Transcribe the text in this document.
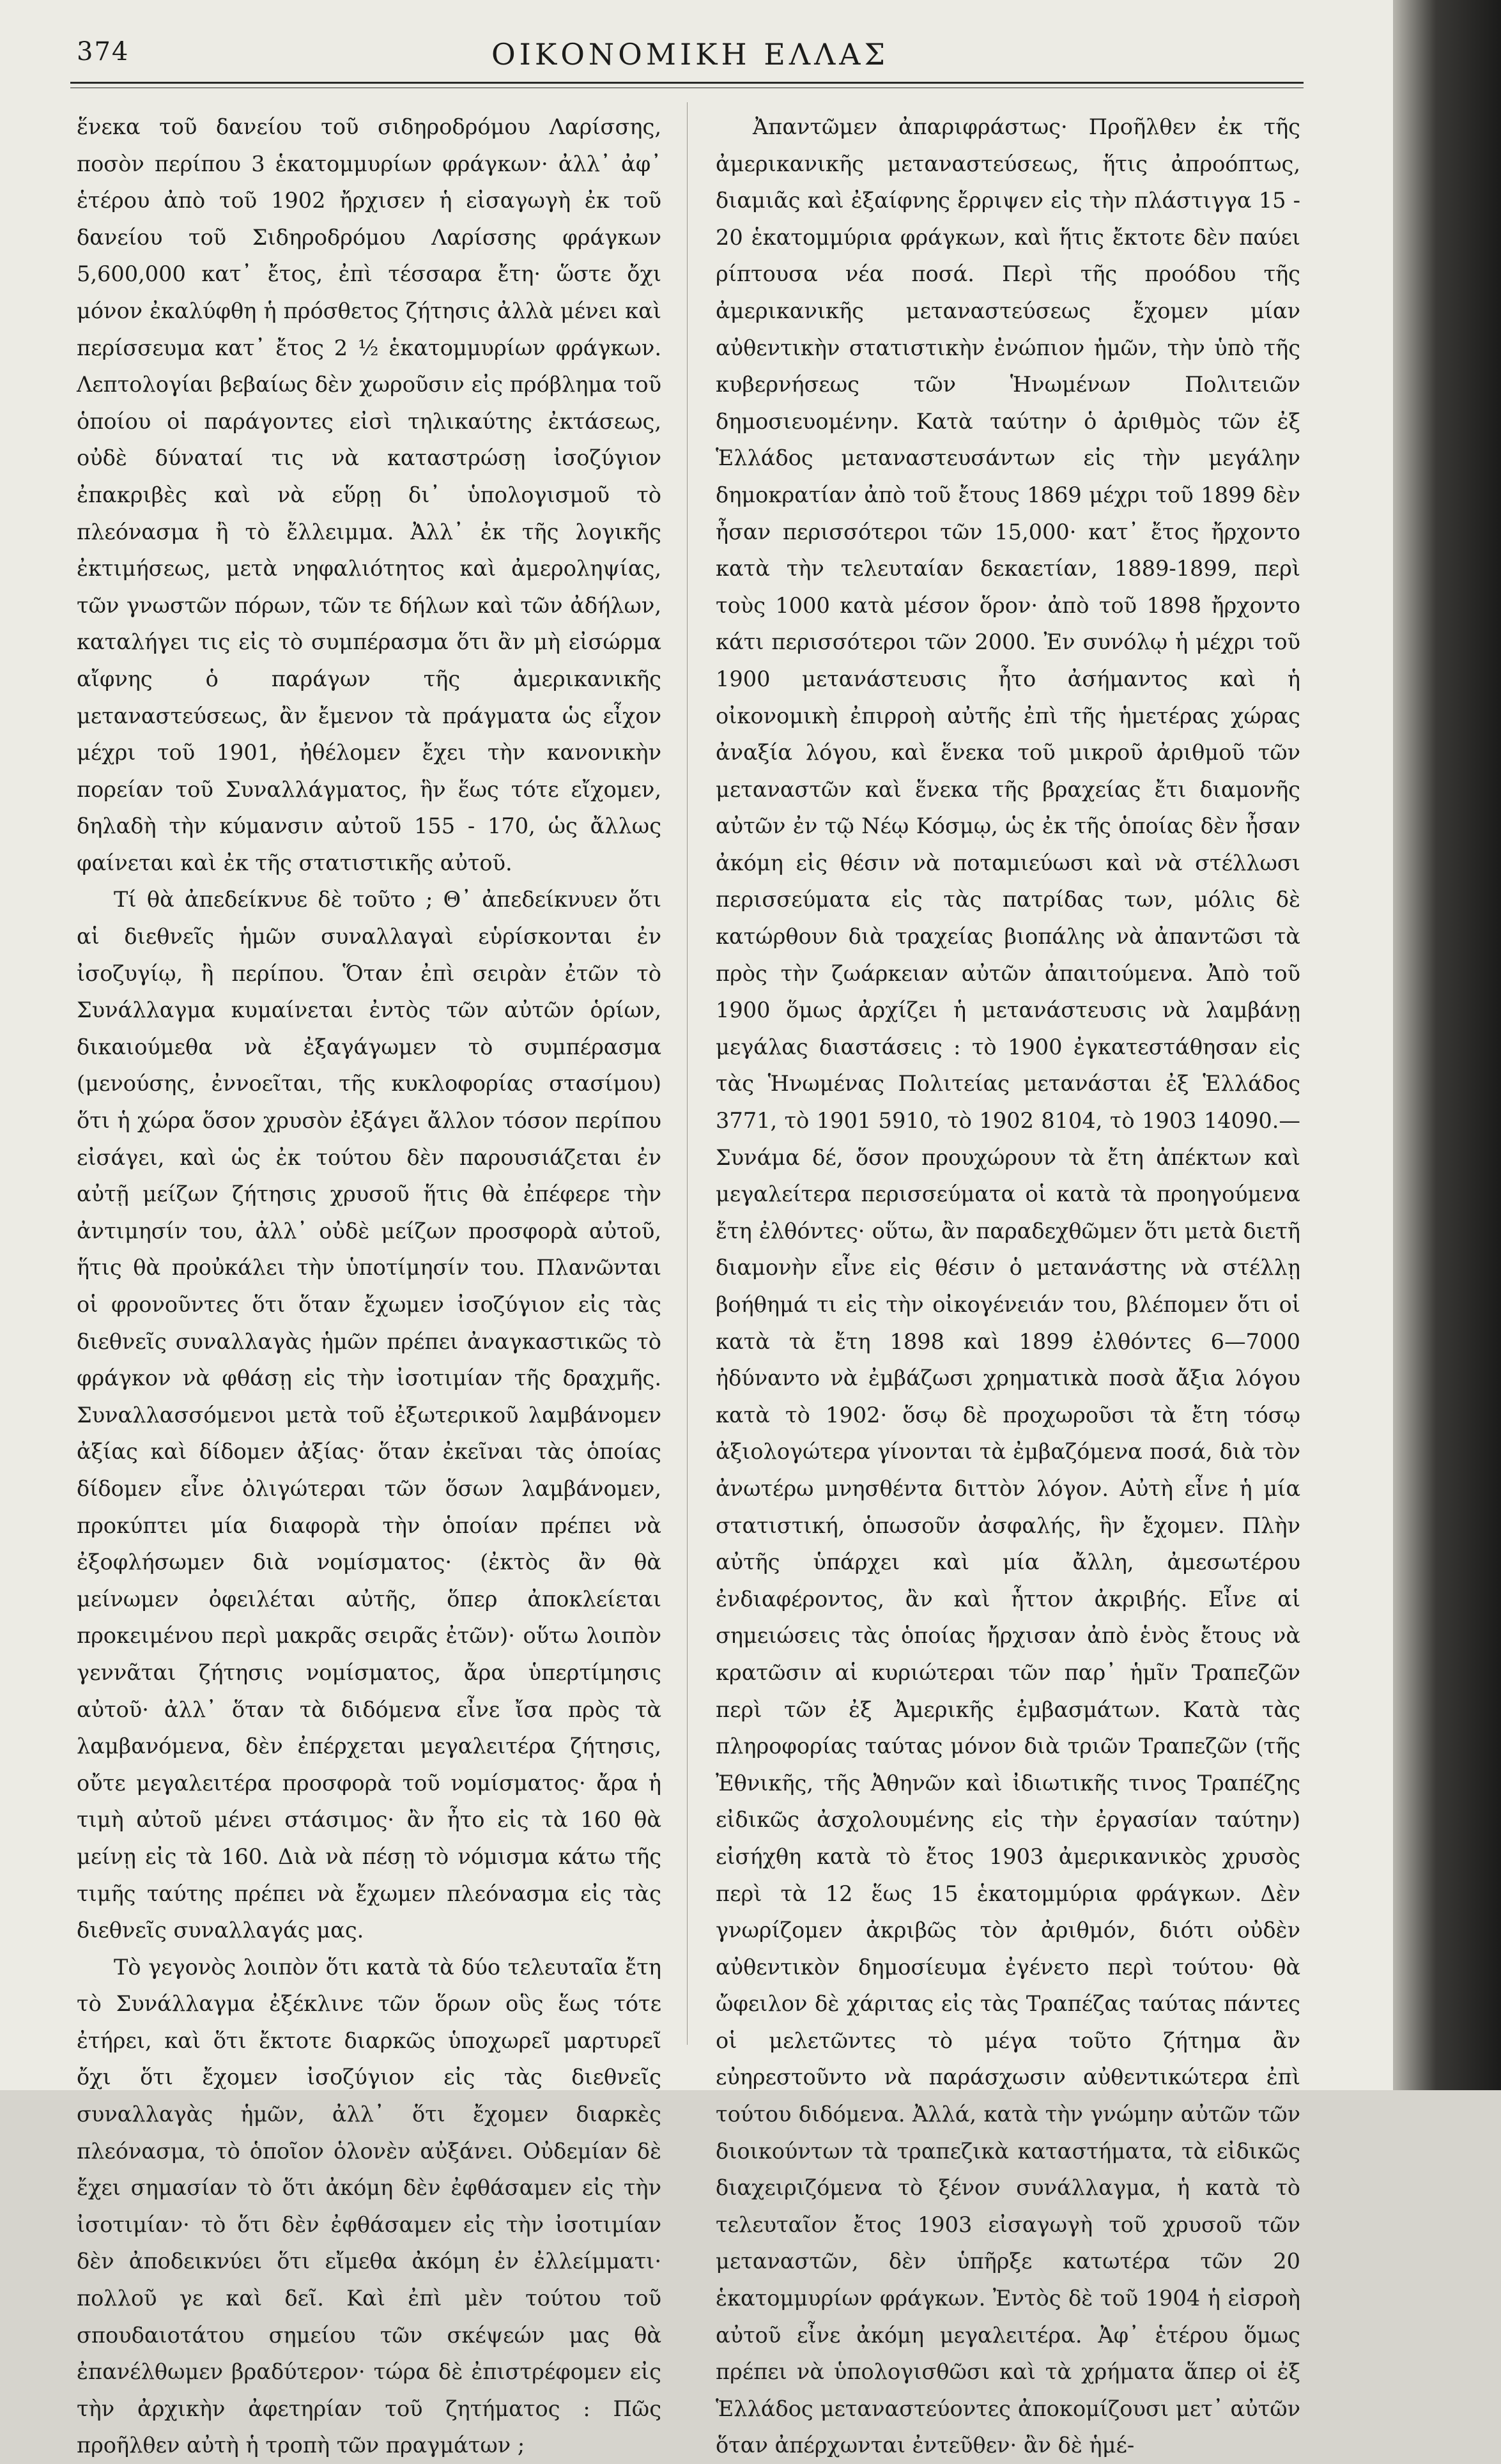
374	ΟΙΚΟΝΟΜΙΚΗ ΕΛΛΑΣ

ἕνεκα τοῦ δανείου τοῦ σιδηροδρόμου Λαρίσσης, ποσὸν περίπου 3 ἑκατομμυρίων φράγκων· ἀλλ᾽ ἀφ᾽ ἑτέρου ἀπὸ τοῦ 1902 ἤρχισεν ἡ εἰσαγωγὴ ἐκ τοῦ δανείου τοῦ Σιδηροδρόμου Λαρίσσης φράγκων 5,600,000 κατ᾽ ἔτος, ἐπὶ τέσσαρα ἔτη· ὥστε ὄχι μόνον ἐκαλύφθη ἡ πρόσθετος ζήτησις ἀλλὰ μένει καὶ περίσσευμα κατ᾽ ἔτος 2 ½ ἑκατομμυρίων φράγκων. Λεπτολογίαι βεβαίως δὲν χωροῦσιν εἰς πρόβλημα τοῦ ὁποίου οἱ παράγοντες εἰσὶ τηλικαύτης ἐκτάσεως, οὐδὲ δύναταί τις νὰ καταστρώσῃ ἰσοζύγιον ἐπακριβὲς καὶ νὰ εὕρῃ δι᾽ ὑπολογισμοῦ τὸ πλεόνασμα ἢ τὸ ἔλλειμμα. Ἀλλ᾽ ἐκ τῆς λογικῆς ἐκτιμήσεως, μετὰ νηφαλιότητος καὶ ἀμεροληψίας, τῶν γνωστῶν πόρων, τῶν τε δήλων καὶ τῶν ἀδήλων, καταλήγει τις εἰς τὸ συμπέρασμα ὅτι ἂν μὴ εἰσώρμα αἴφνης ὁ παράγων τῆς ἀμερικανικῆς μεταναστεύσεως, ἂν ἔμενον τὰ πράγματα ὡς εἶχον μέχρι τοῦ 1901, ἠθέλομεν ἔχει τὴν κανονικὴν πορείαν τοῦ Συναλλάγματος, ἣν ἕως τότε εἴχομεν, δηλαδὴ τὴν κύμανσιν αὐτοῦ 155 - 170, ὡς ἄλλως φαίνεται καὶ ἐκ τῆς στατιστικῆς αὐτοῦ.

Τί θὰ ἀπεδείκνυε δὲ τοῦτο ; Θ᾽ ἀπεδείκνυεν ὅτι αἱ διεθνεῖς ἡμῶν συναλλαγαὶ εὑρίσκονται ἐν ἰσοζυγίῳ, ἢ περίπου. Ὅταν ἐπὶ σειρὰν ἐτῶν τὸ Συνάλλαγμα κυμαίνεται ἐντὸς τῶν αὐτῶν ὁρίων, δικαιούμεθα νὰ ἐξαγάγωμεν τὸ συμπέρασμα (μενούσης, ἐννοεῖται, τῆς κυκλοφορίας στασίμου) ὅτι ἡ χώρα ὅσον χρυσὸν ἐξάγει ἄλλον τόσον περίπου εἰσάγει, καὶ ὡς ἐκ τούτου δὲν παρουσιάζεται ἐν αὐτῇ μείζων ζήτησις χρυσοῦ ἥτις θὰ ἐπέφερε τὴν ἀντιμησίν του, ἀλλ᾽ οὐδὲ μείζων προσφορὰ αὐτοῦ, ἥτις θὰ προὐκάλει τὴν ὑποτίμησίν του. Πλανῶνται οἱ φρονοῦντες ὅτι ὅταν ἔχωμεν ἰσοζύγιον εἰς τὰς διεθνεῖς συναλλαγὰς ἡμῶν πρέπει ἀναγκαστικῶς τὸ φράγκον νὰ φθάσῃ εἰς τὴν ἰσοτιμίαν τῆς δραχμῆς. Συναλλασσόμενοι μετὰ τοῦ ἐξωτερικοῦ λαμβάνομεν ἀξίας καὶ δίδομεν ἀξίας· ὅταν ἐκεῖναι τὰς ὁποίας δίδομεν εἶνε ὀλιγώτεραι τῶν ὅσων λαμβάνομεν, προκύπτει μία διαφορὰ τὴν ὁποίαν πρέπει νὰ ἐξοφλήσωμεν διὰ νομίσματος· (ἐκτὸς ἂν θὰ μείνωμεν ὀφειλέται αὐτῆς, ὅπερ ἀποκλείεται προκειμένου περὶ μακρᾶς σειρᾶς ἐτῶν)· οὕτω λοιπὸν γεννᾶται ζήτησις νομίσματος, ἄρα ὑπερτίμησις αὐτοῦ· ἀλλ᾽ ὅταν τὰ διδόμενα εἶνε ἴσα πρὸς τὰ λαμβανόμενα, δὲν ἐπέρχεται μεγαλειτέρα ζήτησις, οὔτε μεγαλειτέρα προσφορὰ τοῦ νομίσματος· ἄρα ἡ τιμὴ αὐτοῦ μένει στάσιμος· ἂν ἦτο εἰς τὰ 160 θὰ μείνῃ εἰς τὰ 160. Διὰ νὰ πέσῃ τὸ νόμισμα κάτω τῆς τιμῆς ταύτης πρέπει νὰ ἔχωμεν πλεόνασμα εἰς τὰς διεθνεῖς συναλλαγάς μας.

Τὸ γεγονὸς λοιπὸν ὅτι κατὰ τὰ δύο τελευταῖα ἔτη τὸ Συνάλλαγμα ἐξέκλινε τῶν ὅρων οὓς ἕως τότε ἐτήρει, καὶ ὅτι ἔκτοτε διαρκῶς ὑποχωρεῖ μαρτυρεῖ ὄχι ὅτι ἔχομεν ἰσοζύγιον εἰς τὰς διεθνεῖς συναλλαγὰς ἡμῶν, ἀλλ᾽ ὅτι ἔχομεν διαρκὲς πλεόνασμα, τὸ ὁποῖον ὁλονὲν αὐξάνει. Οὐδεμίαν δὲ ἔχει σημασίαν τὸ ὅτι ἀκόμη δὲν ἐφθάσαμεν εἰς τὴν ἰσοτιμίαν· τὸ ὅτι δὲν ἐφθάσαμεν εἰς τὴν ἰσοτιμίαν δὲν ἀποδεικνύει ὅτι εἴμεθα ἀκόμη ἐν ἐλλείμματι· πολλοῦ γε καὶ δεῖ. Καὶ ἐπὶ μὲν τούτου τοῦ σπουδαιοτάτου σημείου τῶν σκέψεών μας θὰ ἐπανέλθωμεν βραδύτερον· τώρα δὲ ἐπιστρέφομεν εἰς τὴν ἀρχικὴν ἀφετηρίαν τοῦ ζητήματος : Πῶς προῆλθεν αὐτὴ ἡ τροπὴ τῶν πραγμάτων ;

Ἀπαντῶμεν ἀπαριφράστως· Προῆλθεν ἐκ τῆς ἀμερικανικῆς μεταναστεύσεως, ἥτις ἀπροόπτως, διαμιᾶς καὶ ἐξαίφνης ἔρριψεν εἰς τὴν πλάστιγγα 15 - 20 ἑκατομμύρια φράγκων, καὶ ἥτις ἔκτοτε δὲν παύει ρίπτουσα νέα ποσά. Περὶ τῆς προόδου τῆς ἀμερικανικῆς μεταναστεύσεως ἔχομεν μίαν αὐθεντικὴν στατιστικὴν ἐνώπιον ἡμῶν, τὴν ὑπὸ τῆς κυβερνήσεως τῶν Ἡνωμένων Πολιτειῶν δημοσιευομένην. Κατὰ ταύτην ὁ ἀριθμὸς τῶν ἐξ Ἑλλάδος μεταναστευσάντων εἰς τὴν μεγάλην δημοκρατίαν ἀπὸ τοῦ ἔτους 1869 μέχρι τοῦ 1899 δὲν ἦσαν περισσότεροι τῶν 15,000· κατ᾽ ἔτος ἤρχοντο κατὰ τὴν τελευταίαν δεκαετίαν, 1889-1899, περὶ τοὺς 1000 κατὰ μέσον ὅρον· ἀπὸ τοῦ 1898 ἤρχοντο κάτι περισσότεροι τῶν 2000. Ἐν συνόλῳ ἡ μέχρι τοῦ 1900 μετανάστευσις ἦτο ἀσήμαντος καὶ ἡ οἰκονομικὴ ἐπιρροὴ αὐτῆς ἐπὶ τῆς ἡμετέρας χώρας ἀναξία λόγου, καὶ ἕνεκα τοῦ μικροῦ ἀριθμοῦ τῶν μεταναστῶν καὶ ἕνεκα τῆς βραχείας ἔτι διαμονῆς αὐτῶν ἐν τῷ Νέῳ Κόσμῳ, ὡς ἐκ τῆς ὁποίας δὲν ἦσαν ἀκόμη εἰς θέσιν νὰ ποταμιεύωσι καὶ νὰ στέλλωσι περισσεύματα εἰς τὰς πατρίδας των, μόλις δὲ κατώρθουν διὰ τραχείας βιοπάλης νὰ ἀπαντῶσι τὰ πρὸς τὴν ζωάρκειαν αὐτῶν ἀπαιτούμενα. Ἀπὸ τοῦ 1900 ὅμως ἀρχίζει ἡ μετανάστευσις νὰ λαμβάνῃ μεγάλας διαστάσεις : τὸ 1900 ἐγκατεστάθησαν εἰς τὰς Ἡνωμένας Πολιτείας μετανάσται ἐξ Ἑλλάδος 3771, τὸ 1901 5910, τὸ 1902 8104, τὸ 1903 14090.— Συνάμα δέ, ὅσον προυχώρουν τὰ ἔτη ἀπέκτων καὶ μεγαλείτερα περισσεύματα οἱ κατὰ τὰ προηγούμενα ἔτη ἐλθόντες· οὕτω, ἂν παραδεχθῶμεν ὅτι μετὰ διετῆ διαμονὴν εἶνε εἰς θέσιν ὁ μετανάστης νὰ στέλλῃ βοήθημά τι εἰς τὴν οἰκογένειάν του, βλέπομεν ὅτι οἱ κατὰ τὰ ἔτη 1898 καὶ 1899 ἐλθόντες 6—7000 ἠδύναντο νὰ ἐμβάζωσι χρηματικὰ ποσὰ ἄξια λόγου κατὰ τὸ 1902· ὅσῳ δὲ προχωροῦσι τὰ ἔτη τόσῳ ἀξιολογώτερα γίνονται τὰ ἐμβαζόμενα ποσά, διὰ τὸν ἀνωτέρω μνησθέντα διττὸν λόγον. Αὐτὴ εἶνε ἡ μία στατιστική, ὁπωσοῦν ἀσφαλής, ἣν ἔχομεν. Πλὴν αὐτῆς ὑπάρχει καὶ μία ἄλλη, ἀμεσωτέρου ἐνδιαφέροντος, ἂν καὶ ἧττον ἀκριβής. Εἶνε αἱ σημειώσεις τὰς ὁποίας ἤρχισαν ἀπὸ ἑνὸς ἔτους νὰ κρατῶσιν αἱ κυριώτεραι τῶν παρ᾽ ἡμῖν Τραπεζῶν περὶ τῶν ἐξ Ἀμερικῆς ἐμβασμάτων. Κατὰ τὰς πληροφορίας ταύτας μόνον διὰ τριῶν Τραπεζῶν (τῆς Ἐθνικῆς, τῆς Ἀθηνῶν καὶ ἰδιωτικῆς τινος Τραπέζης εἰδικῶς ἀσχολουμένης εἰς τὴν ἐργασίαν ταύτην) εἰσήχθη κατὰ τὸ ἔτος 1903 ἀμερικανικὸς χρυσὸς περὶ τὰ 12 ἕως 15 ἑκατομμύρια φράγκων. Δὲν γνωρίζομεν ἀκριβῶς τὸν ἀριθμόν, διότι οὐδὲν αὐθεντικὸν δημοσίευμα ἐγένετο περὶ τούτου· θὰ ὤφειλον δὲ χάριτας εἰς τὰς Τραπέζας ταύτας πάντες οἱ μελετῶντες τὸ μέγα τοῦτο ζήτημα ἂν εὐηρεστοῦντο νὰ παράσχωσιν αὐθεντικώτερα ἐπὶ τούτου διδόμενα. Ἀλλά, κατὰ τὴν γνώμην αὐτῶν τῶν διοικούντων τὰ τραπεζικὰ καταστήματα, τὰ εἰδικῶς διαχειριζόμενα τὸ ξένον συνάλλαγμα, ἡ κατὰ τὸ τελευταῖον ἔτος 1903 εἰσαγωγὴ τοῦ χρυσοῦ τῶν μεταναστῶν, δὲν ὑπῆρξε κατωτέρα τῶν 20 ἑκατομμυρίων φράγκων. Ἐντὸς δὲ τοῦ 1904 ἡ εἰσροὴ αὐτοῦ εἶνε ἀκόμη μεγαλειτέρα. Ἀφ᾽ ἑτέρου ὅμως πρέπει νὰ ὑπολογισθῶσι καὶ τὰ χρήματα ἅπερ οἱ ἐξ Ἑλλάδος μεταναστεύοντες ἀποκομίζουσι μετ᾽ αὐτῶν ὅταν ἀπέρχωνται ἐντεῦθεν· ἂν δὲ ἡμέ-
